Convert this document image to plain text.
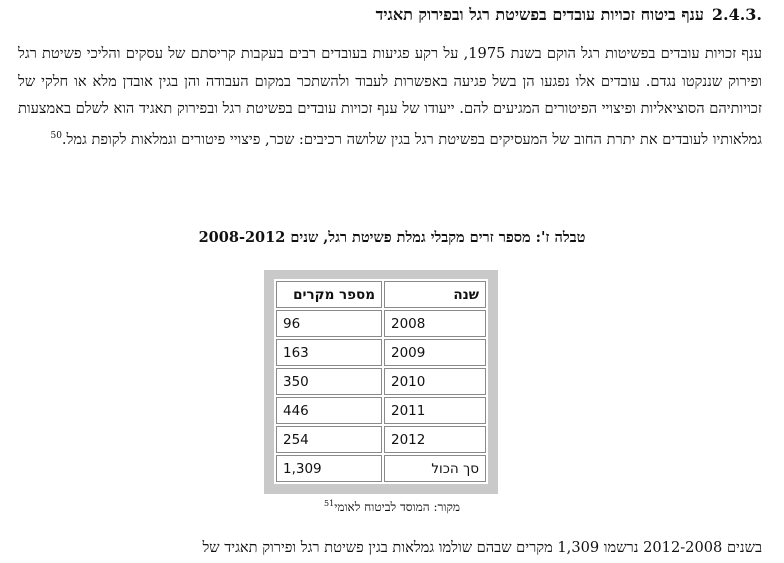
.2.4.3ענף ביטוח זכויות עובדים בפשיטת רגל ובפירוק תאגיד
ענף זכויות עובדים בפשיטות רגל הוקם בשנת 1975, על רקע פגיעות בעובדים רבים בעקבות קריסתם של עסקים והליכי פשיטת רגל ופירוק שננקטו נגדם. עובדים אלו נפגעו הן בשל פגיעה באפשרות לעבוד ולהשתכר במקום העבודה והן בגין אובדן מלא או חלקי של זכויותיהם הסוציאליות ופיצויי הפיטורים המגיעים להם. ייעודו של ענף זכויות עובדים בפשיטת רגל ובפירוק תאגיד הוא לשלם באמצעות גמלאותיו לעובדים את יתרת החוב של המעסיקים בפשיטת רגל בגין שלושה רכיבים: שכר, פיצויי פיטורים וגמלאות לקופת גמל.$^{50}$
טבלה ז': מספר זרים מקבלי גמלת פשיטת רגל, שנים 2008-2012
שנה	מספר מקרים
2008	96
2009	163
2010	350
2011	446
2012	254
סך הכול	1,309
מקור: המוסד לביטוח לאומי$^{51}$
בשנים 2012-2008 נרשמו 1,309 מקרים שבהם שולמו גמלאות בגין פשיטת רגל ופירוק תאגיד של
